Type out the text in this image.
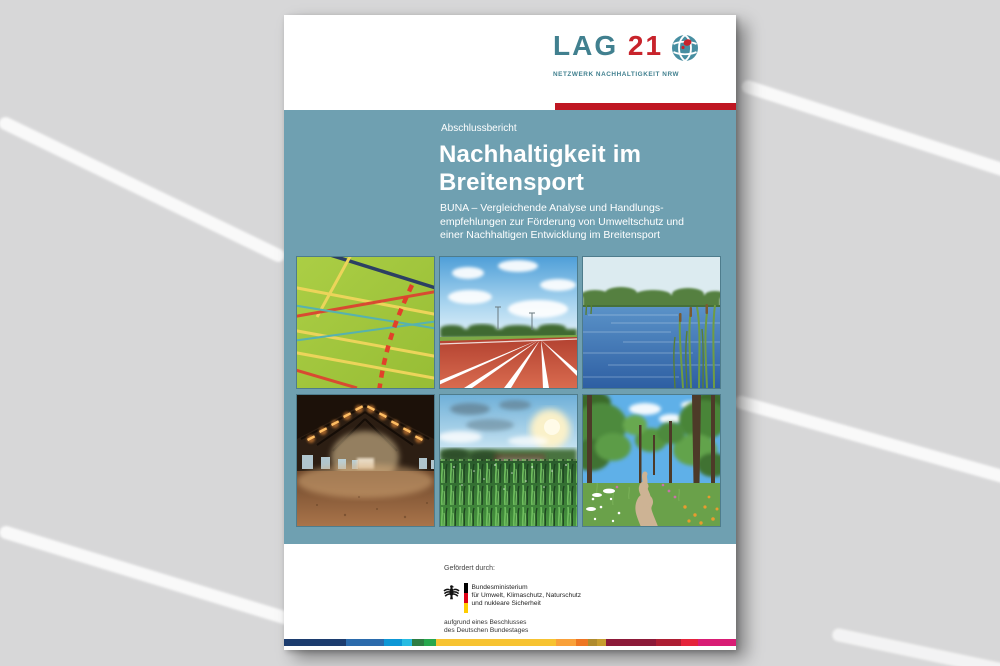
LAG 21
NETZWERK NACHHALTIGKEIT NRW
Abschlussbericht
Nachhaltigkeit im
Breitensport
BUNA – Vergleichende Analyse und Handlungs-
empfehlungen zur Förderung von Umweltschutz und
einer Nachhaltigen Entwicklung im Breitensport
Gefördert durch:
Bundesministerium
für Umwelt, Klimaschutz, Naturschutz
und nukleare Sicherheit
aufgrund eines Beschlusses
des Deutschen Bundestages
